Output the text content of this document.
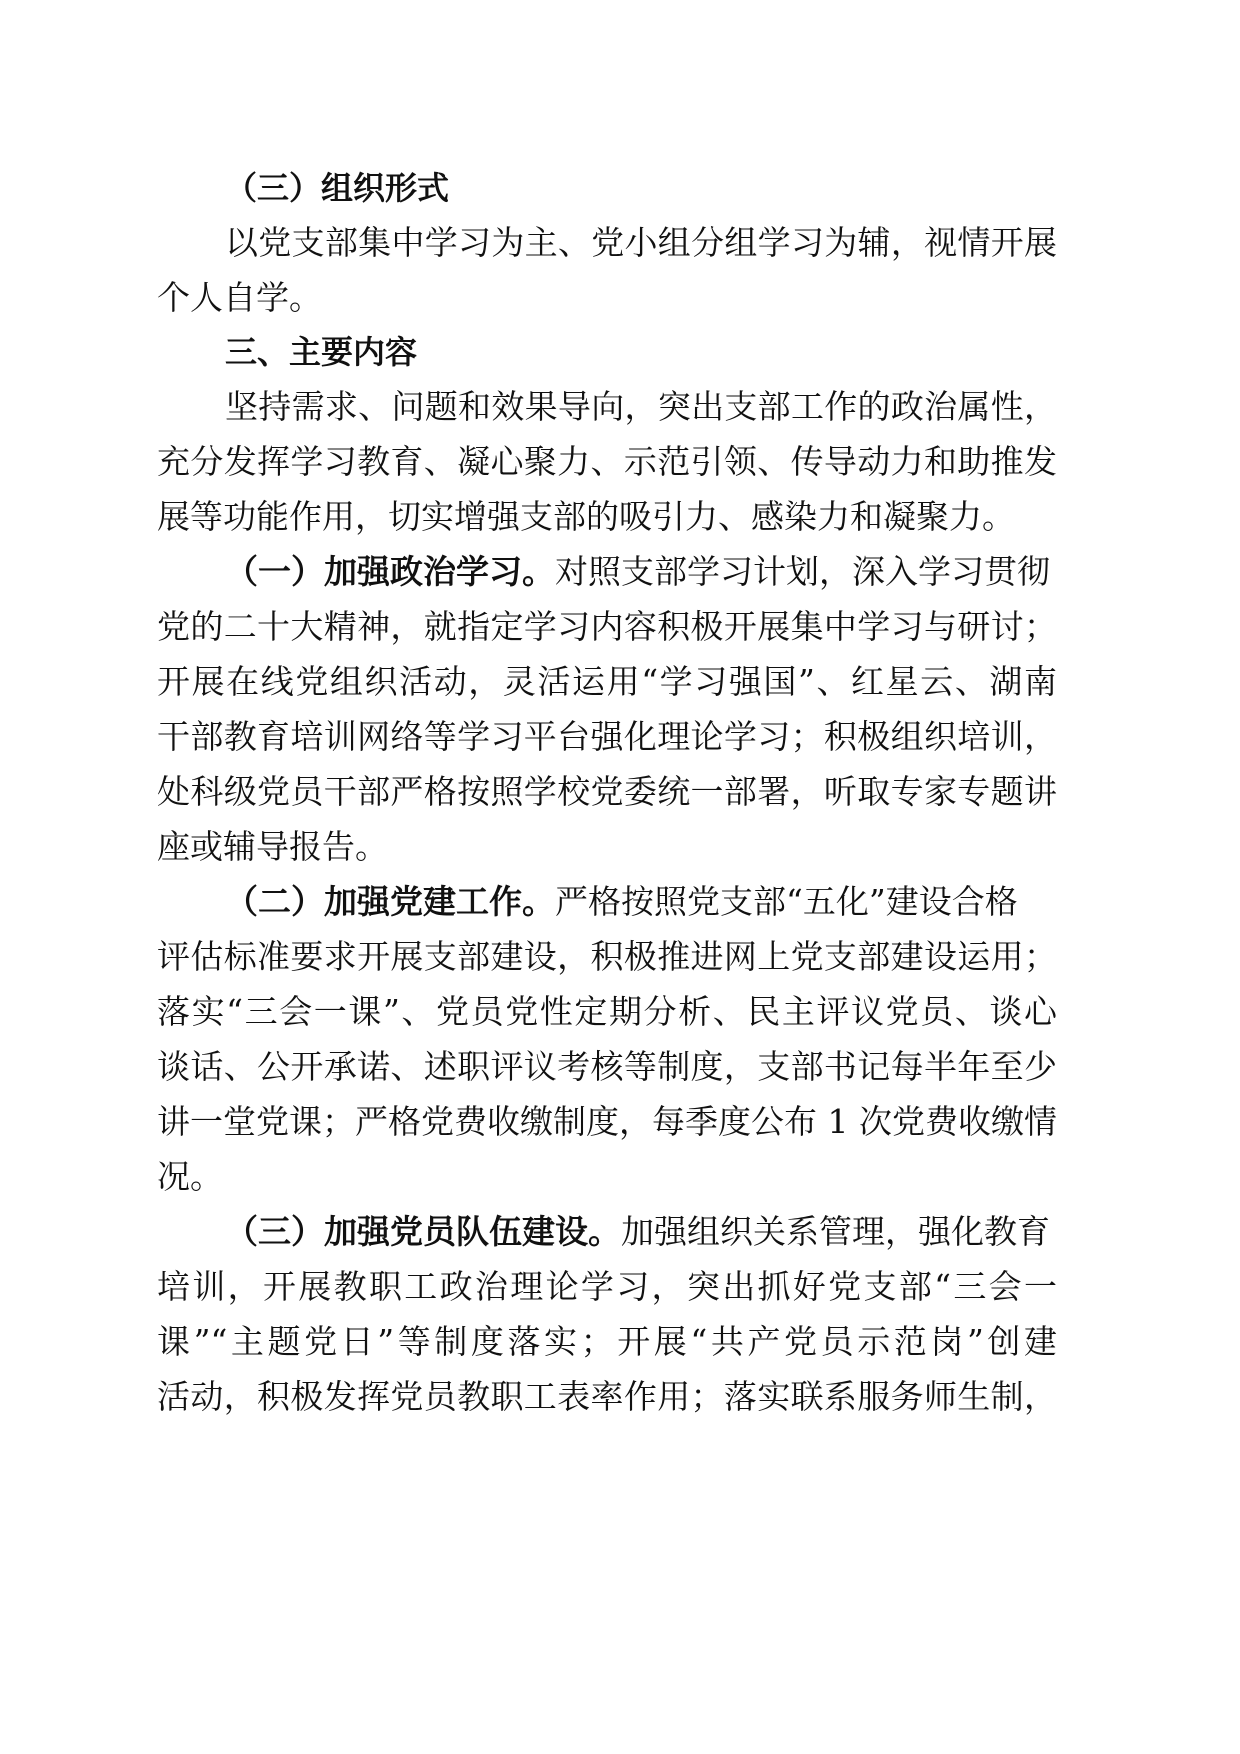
（三）组织形式
以党支部集中学习为主、党小组分组学习为辅，视情开展
个人自学。
三、主要内容
坚持需求、问题和效果导向，突出支部工作的政治属性，
充分发挥学习教育、凝心聚力、示范引领、传导动力和助推发
展等功能作用，切实增强支部的吸引力、感染力和凝聚力。
（一）加强政治学习。对照支部学习计划，深入学习贯彻
党的二十大精神，就指定学习内容积极开展集中学习与研讨；
开展在线党组织活动，灵活运用“学习强国”、红星云、湖南
干部教育培训网络等学习平台强化理论学习；积极组织培训，
处科级党员干部严格按照学校党委统一部署，听取专家专题讲
座或辅导报告。
（二）加强党建工作。严格按照党支部“五化”建设合格
评估标准要求开展支部建设，积极推进网上党支部建设运用；
落实“三会一课”、党员党性定期分析、民主评议党员、谈心
谈话、公开承诺、述职评议考核等制度，支部书记每半年至少
讲一堂党课；严格党费收缴制度，每季度公布 1 次党费收缴情
况。
（三）加强党员队伍建设。加强组织关系管理，强化教育
培训，开展教职工政治理论学习，突出抓好党支部“三会一
课”“主题党日”等制度落实；开展“共产党员示范岗”创建
活动，积极发挥党员教职工表率作用；落实联系服务师生制，
